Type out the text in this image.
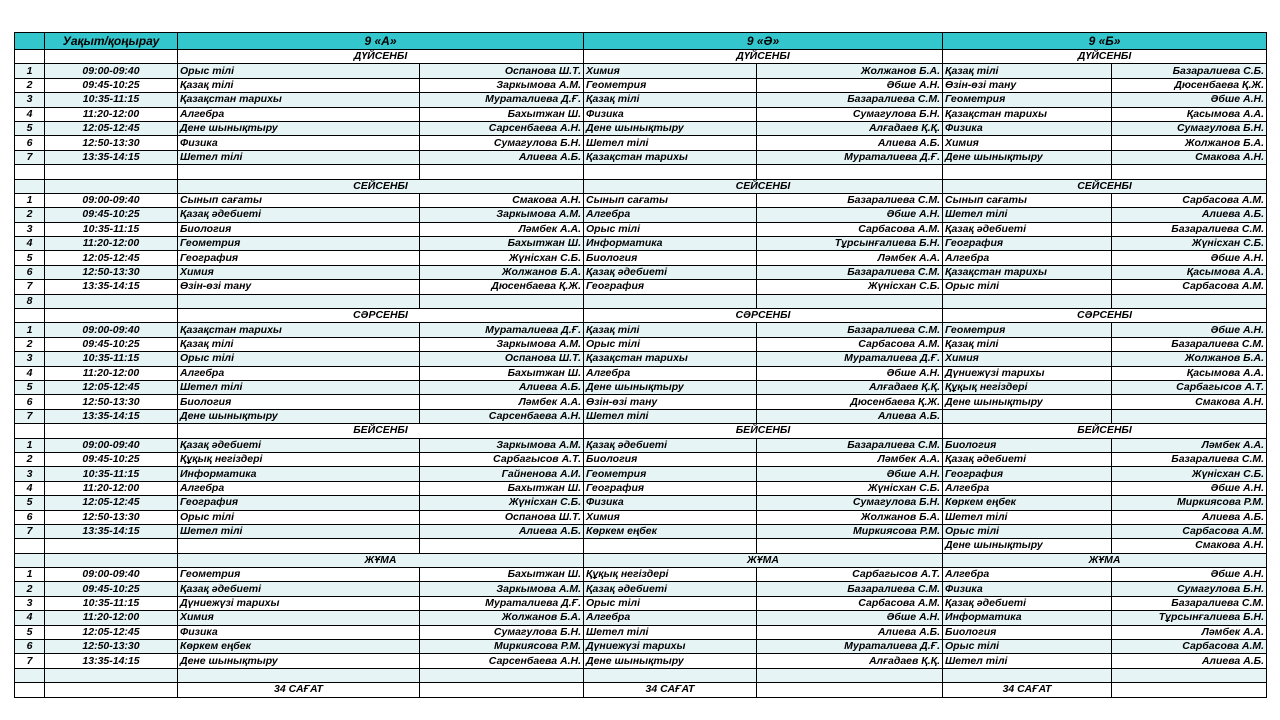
	Уақыт/қоңырау	9 «А»		9 «Ә»		9 «Б»	
		ДҮЙСЕНБІ		ДҮЙСЕНБІ		ДҮЙСЕНБІ	
1	09:00-09:40	Орыс тілі	Оспанова Ш.Т.	Химия	Жолжанов Б.А.	Қазақ тілі	Базаралиева С.Б.
2	09:45-10:25	Қазақ тілі	Заркымова А.М.	Геометрия	Әбше А.Н.	Өзін-өзі тану	Дюсенбаева Қ.Ж.
3	10:35-11:15	Қазақстан тарихы	Мураталиева Д.Ғ.	Қазақ тілі	Базаралиева С.М.	Геометрия	Әбше А.Н.
4	11:20-12:00	Алгебра	Бахытжан Ш.	Физика	Сумагулова Б.Н.	Қазақстан тарихы	Қасымова А.А.
5	12:05-12:45	Дене шынықтыру	Сарсенбаева А.Н.	Дене шынықтыру	Алғадаев Қ.Қ.	Физика	Сумагулова Б.Н.
6	12:50-13:30	Физика	Сумагулова Б.Н.	Шетел тілі	Алиева А.Б.	Химия	Жолжанов Б.А.
7	13:35-14:15	Шетел тілі	Алиева А.Б.	Қазақстан тарихы	Мураталиева Д.Ғ.	Дене шынықтыру	Смакова А.Н.

		СЕЙСЕНБІ		СЕЙСЕНБІ		СЕЙСЕНБІ	
1	09:00-09:40	Сынып сағаты	Смакова А.Н.	Сынып сағаты	Базаралиева С.М.	Сынып сағаты	Сарбасова А.М.
2	09:45-10:25	Қазақ әдебиеті	Заркымова А.М.	Алгебра	Әбше А.Н.	Шетел тілі	Алиева А.Б.
3	10:35-11:15	Биология	Ләмбек А.А.	Орыс тілі	Сарбасова А.М.	Қазақ әдебиеті	Базаралиева С.М.
4	11:20-12:00	Геометрия	Бахытжан Ш.	Информатика	Тұрсынғалиева Б.Н.	География	Жүнісхан С.Б.
5	12:05-12:45	География	Жүнісхан С.Б.	Биология	Ләмбек А.А.	Алгебра	Әбше А.Н.
6	12:50-13:30	Химия	Жолжанов Б.А.	Қазақ әдебиеті	Базаралиева С.М.	Қазақстан тарихы	Қасымова А.А.
7	13:35-14:15	Өзін-өзі тану	Дюсенбаева Қ.Ж.	География	Жүнісхан С.Б.	Орыс тілі	Сарбасова А.М.
8							
		СӘРСЕНБІ		СӘРСЕНБІ		СӘРСЕНБІ	
1	09:00-09:40	Қазақстан тарихы	Мураталиева Д.Ғ.	Қазақ тілі	Базаралиева С.М.	Геометрия	Әбше А.Н.
2	09:45-10:25	Қазақ тілі	Заркымова А.М.	Орыс тілі	Сарбасова А.М.	Қазақ тілі	Базаралиева С.М.
3	10:35-11:15	Орыс тілі	Оспанова Ш.Т.	Қазақстан тарихы	Мураталиева Д.Ғ.	Химия	Жолжанов Б.А.
4	11:20-12:00	Алгебра	Бахытжан Ш.	Алгебра	Әбше А.Н.	Дүниежүзі тарихы	Қасымова А.А.
5	12:05-12:45	Шетел тілі	Алиева А.Б.	Дене шынықтыру	Алғадаев Қ.Қ.	Құқық негіздері	Сарбагысов А.Т.
6	12:50-13:30	Биология	Ләмбек А.А.	Өзін-өзі тану	Дюсенбаева Қ.Ж.	Дене шынықтыру	Смакова А.Н.
7	13:35-14:15	Дене шынықтыру	Сарсенбаева А.Н.	Шетел тілі	Алиева А.Б.		
		БЕЙСЕНБІ		БЕЙСЕНБІ		БЕЙСЕНБІ	
1	09:00-09:40	Қазақ әдебиеті	Заркымова А.М.	Қазақ әдебиеті	Базаралиева С.М.	Биология	Ләмбек А.А.
2	09:45-10:25	Құқық негіздері	Сарбагысов А.Т.	Биология	Ләмбек А.А.	Қазақ әдебиеті	Базаралиева С.М.
3	10:35-11:15	Информатика	Гайненова А.И.	Геометрия	Әбше А.Н.	География	Жүнісхан С.Б.
4	11:20-12:00	Алгебра	Бахытжан Ш.	География	Жүнісхан С.Б.	Алгебра	Әбше А.Н.
5	12:05-12:45	География	Жүнісхан С.Б.	Физика	Сумагулова Б.Н.	Көркем еңбек	Миркиясова Р.М.
6	12:50-13:30	Орыс тілі	Оспанова Ш.Т.	Химия	Жолжанов Б.А.	Шетел тілі	Алиева А.Б.
7	13:35-14:15	Шетел тілі	Алиева А.Б.	Көркем еңбек	Миркиясова Р.М.	Орыс тілі	Сарбасова А.М.
						Дене шынықтыру	Смакова А.Н.
		ЖҰМА		ЖҰМА		ЖҰМА	
1	09:00-09:40	Геометрия	Бахытжан Ш.	Құқық негіздері	Сарбагысов А.Т.	Алгебра	Әбше А.Н.
2	09:45-10:25	Қазақ әдебиеті	Заркымова А.М.	Қазақ әдебиеті	Базаралиева С.М.	Физика	Сумагулова Б.Н.
3	10:35-11:15	Дүниежүзі тарихы	Мураталиева Д.Ғ.	Орыс тілі	Сарбасова А.М.	Қазақ әдебиеті	Базаралиева С.М.
4	11:20-12:00	Химия	Жолжанов Б.А.	Алгебра	Әбше А.Н.	Информатика	Тұрсынғалиева Б.Н.
5	12:05-12:45	Физика	Сумагулова Б.Н.	Шетел тілі	Алиева А.Б.	Биология	Ләмбек А.А.
6	12:50-13:30	Көркем еңбек	Миркиясова Р.М.	Дүниежүзі тарихы	Мураталиева Д.Ғ.	Орыс тілі	Сарбасова А.М.
7	13:35-14:15	Дене шынықтыру	Сарсенбаева А.Н.	Дене шынықтыру	Алғадаев Қ.Қ.	Шетел тілі	Алиева А.Б.

		34 САҒАТ		34 САҒАТ		34 САҒАТ	
